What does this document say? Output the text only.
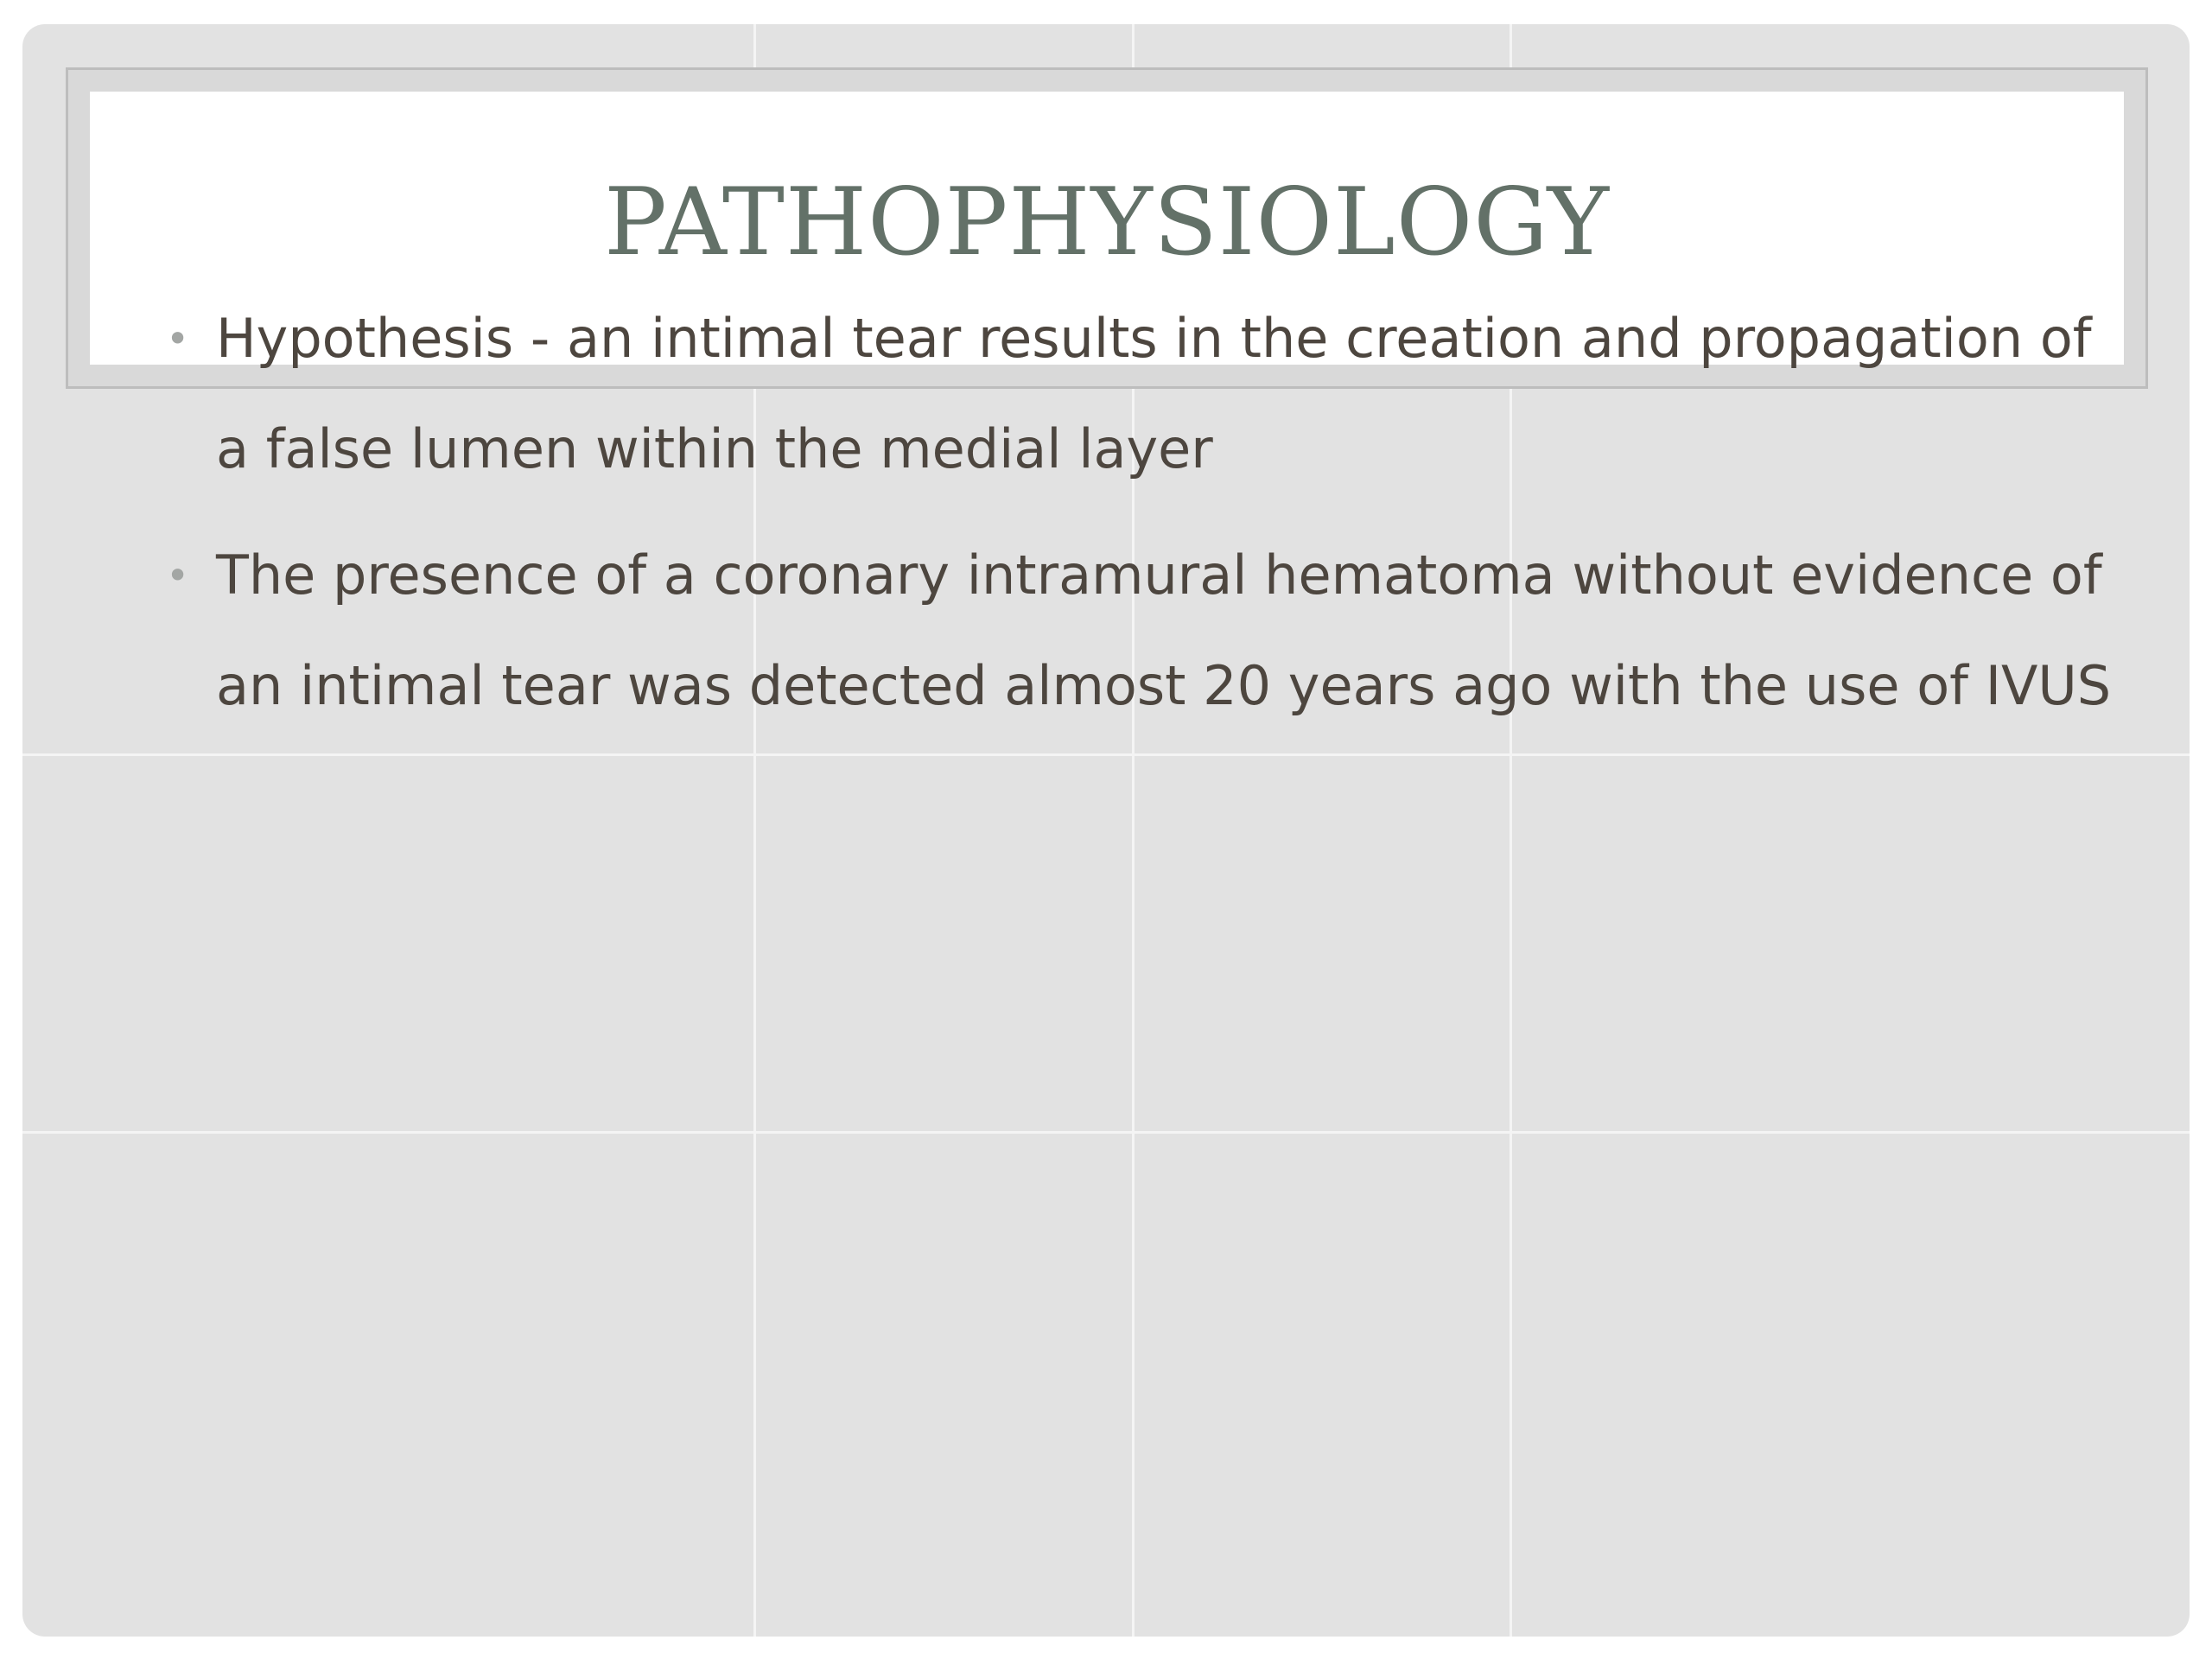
PATHOPHYSIOLOGY
• Hypothesis - an intimal tear results in the creation and propagation of a false lumen within the medial layer
• The presence of a coronary intramural hematoma without evidence of an intimal tear was detected almost 20 years ago with the use of IVUS
